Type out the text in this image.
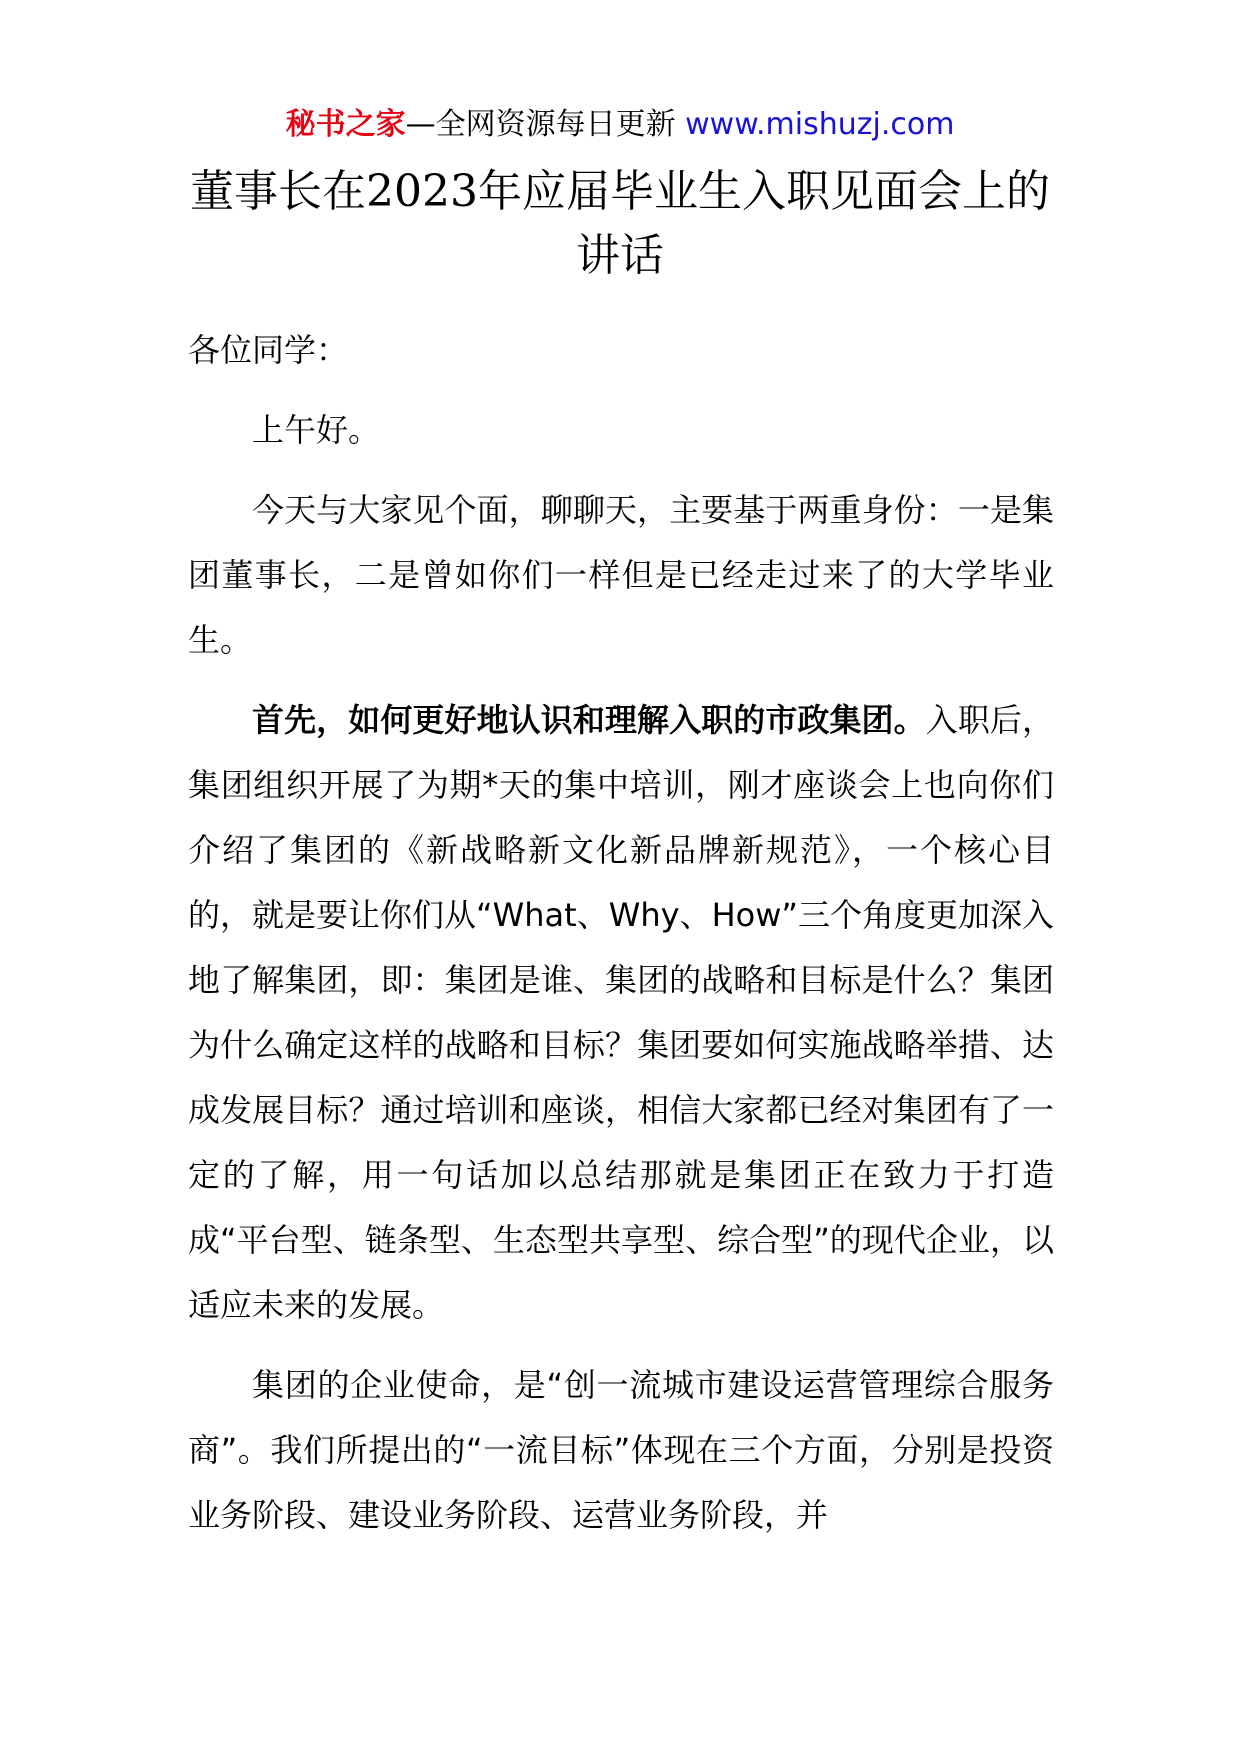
秘书之家—全网资源每日更新 www.mishuzj.com
董事长在2023年应届毕业生入职见面会上的讲话

各位同学：

上午好。

今天与大家见个面，聊聊天，主要基于两重身份：一是集团董事长，二是曾如你们一样但是已经走过来了的大学毕业生。

首先，如何更好地认识和理解入职的市政集团。入职后，集团组织开展了为期*天的集中培训，刚才座谈会上也向你们介绍了集团的《新战略新文化新品牌新规范》，一个核心目的，就是要让你们从“What、Why、How”三个角度更加深入地了解集团，即：集团是谁、集团的战略和目标是什么？集团为什么确定这样的战略和目标？集团要如何实施战略举措、达成发展目标？通过培训和座谈，相信大家都已经对集团有了一定的了解，用一句话加以总结那就是集团正在致力于打造成“平台型、链条型、生态型共享型、综合型”的现代企业，以适应未来的发展。

集团的企业使命，是“创一流城市建设运营管理综合服务商”。我们所提出的“一流目标”体现在三个方面，分别是投资业务阶段、建设业务阶段、运营业务阶段，并
